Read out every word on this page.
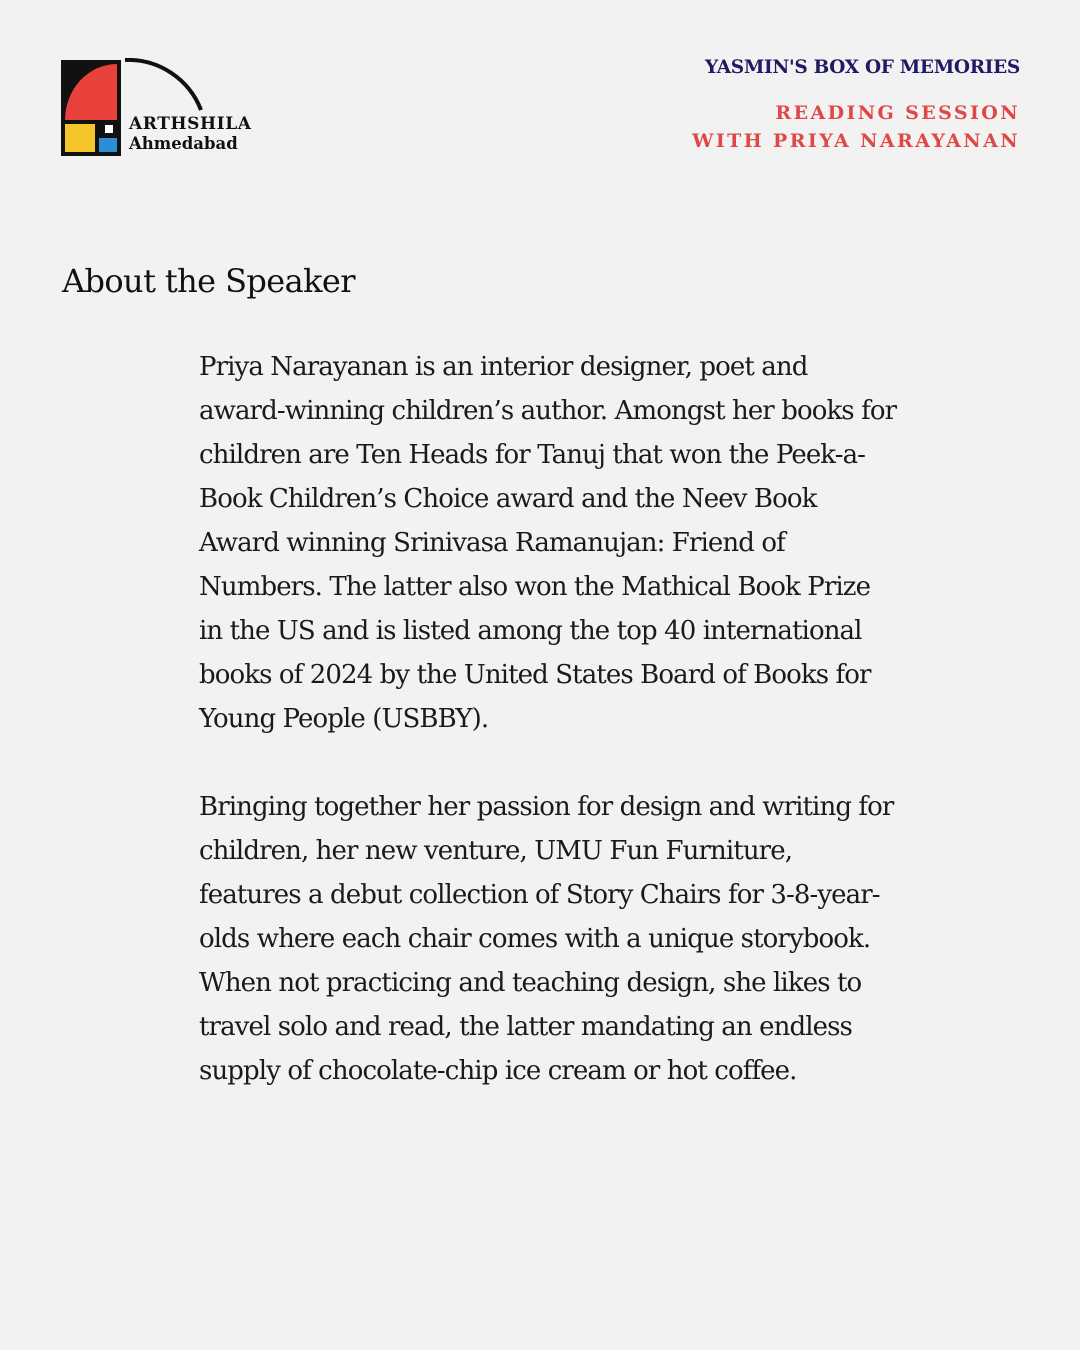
ARTHSHILA
Ahmedabad
YASMIN'S BOX OF MEMORIES
READING SESSION
WITH PRIYA NARAYANAN
About the Speaker

Priya Narayanan is an interior designer, poet and award-winning children’s author. Amongst her books for children are Ten Heads for Tanuj that won the Peek-a-Book Children’s Choice award and the Neev Book Award winning Srinivasa Ramanujan: Friend of Numbers. The latter also won the Mathical Book Prize in the US and is listed among the top 40 international books of 2024 by the United States Board of Books for Young People (USBBY).

Bringing together her passion for design and writing for children, her new venture, UMU Fun Furniture, features a debut collection of Story Chairs for 3-8-year-olds where each chair comes with a unique storybook. When not practicing and teaching design, she likes to travel solo and read, the latter mandating an endless supply of chocolate-chip ice cream or hot coffee.
